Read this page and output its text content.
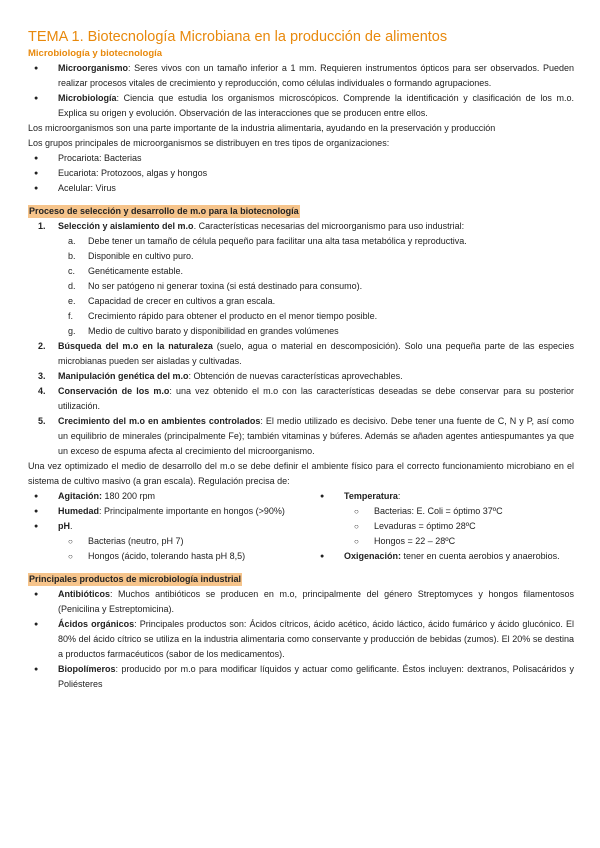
TEMA 1. Biotecnología Microbiana en la producción de alimentos
Microbiología y biotecnología
● Microorganismo: Seres vivos con un tamaño inferior a 1 mm. Requieren instrumentos ópticos para ser observados. Pueden realizar procesos vitales de crecimiento y reproducción, como células individuales o formando agrupaciones.
● Microbiología: Ciencia que estudia los organismos microscópicos. Comprende la identificación y clasificación de los m.o. Explica su origen y evolución. Observación de las interacciones que se producen entre ellos.

Los microorganismos son una parte importante de la industria alimentaria, ayudando en la preservación y producción

Los grupos principales de microorganismos se distribuyen en tres tipos de organizaciones:

● Procariota: Bacterias
● Eucariota: Protozoos, algas y hongos
● Acelular: Virus
Proceso de selección y desarrollo de m.o para la biotecnología
1. Selección y aislamiento del m.o. Características necesarias del microorganismo para uso industrial:
a. Debe tener un tamaño de célula pequeño para facilitar una alta tasa metabólica y reproductiva.
b. Disponible en cultivo puro.
c. Genéticamente estable.
d. No ser patógeno ni generar toxina (si está destinado para consumo).
e. Capacidad de crecer en cultivos a gran escala.
f. Crecimiento rápido para obtener el producto en el menor tiempo posible.
g. Medio de cultivo barato y disponibilidad en grandes volúmenes
2. Búsqueda del m.o en la naturaleza (suelo, agua o material en descomposición). Solo una pequeña parte de las especies microbianas pueden ser aisladas y cultivadas.
3. Manipulación genética del m.o: Obtención de nuevas características aprovechables.
4. Conservación de los m.o: una vez obtenido el m.o con las características deseadas se debe conservar para su posterior utilización.
5. Crecimiento del m.o en ambientes controlados: El medio utilizado es decisivo. Debe tener una fuente de C, N y P, así como un equilibrio de minerales (principalmente Fe); también vitaminas y búferes. Además se añaden agentes antiespumantes ya que un exceso de espuma afecta al crecimiento del microorganismo.

Una vez optimizado el medio de desarrollo del m.o se debe definir el ambiente físico para el correcto funcionamiento microbiano en el sistema de cultivo masivo (a gran escala). Regulación precisa de:

● Agitación: 180 200 rpm
● Humedad: Principalmente importante en hongos (>90%)
● pH.
○ Bacterias (neutro, pH 7)
○ Hongos (ácido, tolerando hasta pH 8,5)
● Temperatura:
○ Bacterias: E. Coli = óptimo 37ºC
○ Levaduras = óptimo 28ºC
○ Hongos = 22 – 28ºC
● Oxigenación: tener en cuenta aerobios y anaerobios.
Principales productos de microbiología industrial
● Antibióticos: Muchos antibióticos se producen en m.o, principalmente del género Streptomyces y hongos filamentosos (Penicilina y Estreptomicina).
● Ácidos orgánicos: Principales productos son: Ácidos cítricos, ácido acético, ácido láctico, ácido fumárico y ácido glucónico. El 80% del ácido cítrico se utiliza en la industria alimentaria como conservante y producción de bebidas (zumos). El 20% se destina a productos farmacéuticos (sabor de los medicamentos).
● Biopolímeros: producido por m.o para modificar líquidos y actuar como gelificante. Éstos incluyen: dextranos, Polisacáridos y Poliésteres
